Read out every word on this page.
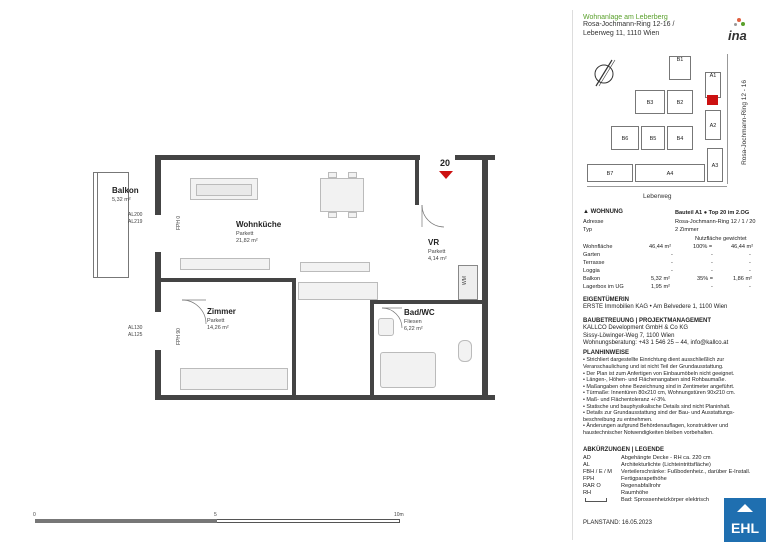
WM
Balkon
5,32 m²
AL200
AL219
AL130
AL125
FPH 0
FPH 90
Wohnküche
Parkett
21,82 m²
20
VR
Parkett
4,14 m²
Zimmer
Parkett
14,26 m²
Bad/WC
Fliesen
6,22 m²
0	5	10m
Wohnanlage am Leberberg
Rosa-Jochmann-Ring 12-16 /
Leberweg 11, 1110 Wien	ina
B1
A1
B3	B2
A2
B6	B5	B4
B7	A4
A3
Rosa-Jochmann-Ring 12 - 16
Leberweg
▲ WOHNUNG	Bauteil A1 ● Top 20 im 2.OG
Adresse	Rosa-Jochmann-Ring 12 / 1 / 20
Typ	2 Zimmer
Nutzfläche gewichtet
Wohnfläche	46,44 m²	100% =	46,44 m²
Garten	-	-	-
Terrasse	-	-	-
Loggia	-	-	-
Balkon	5,32 m²	35% =	1,86 m²
Lagerbox im UG	1,95 m²	-	-
EIGENTÜMERIN
ERSTE Immobilien KAG • Am Belvedere 1, 1100 Wien
BAUBETREUUNG | PROJEKTMANAGEMENT
KALLCO Development GmbH & Co KG
Sissy-Löwinger-Weg 7, 1100 Wien
Wohnungsberatung: +43 1 546 25 – 44, info@kallco.at
PLANHINWEISE
• Strichliert dargestellte Einrichtung dient ausschließlich zur
Veranschaulichung und ist nicht Teil der Grundausstattung.
• Der Plan ist zum Anfertigen von Einbaumöbeln nicht geeignet.
• Längen-, Höhen- und Flächenangaben sind Rohbaumaße.
• Maßangaben ohne Bezeichnung sind in Zentimeter angeführt.
• Türmaße: Innentüren 80x210 cm, Wohnungstüren 90x210 cm.
• Maß- und Flächentoleranz +/-3%.
• Statische und bauphysikalische Details sind nicht Planinhalt.
• Details zur Grundausstattung sind der Bau- und Ausstattungs-
beschreibung zu entnehmen.
• Änderungen aufgrund Behördenauflagen, konstruktiver und
haustechnischer Notwendigkeiten bleiben vorbehalten.
ABKÜRZUNGEN | LEGENDE
AD	Abgehängte Decke - RH ca. 220 cm
AL	Architekturlichte (Lichteintrittsfläche)
FBH / E / M Verteilerschränke: Fußbodenheiz., darüber E-Install.
FPH	Fertigparapethöhe
RAR O	Regenabfallrohr
RH	Raumhöhe
Bad: Sprossenheizkörper elektrisch
PLANSTAND: 16.05.2023	EHL
